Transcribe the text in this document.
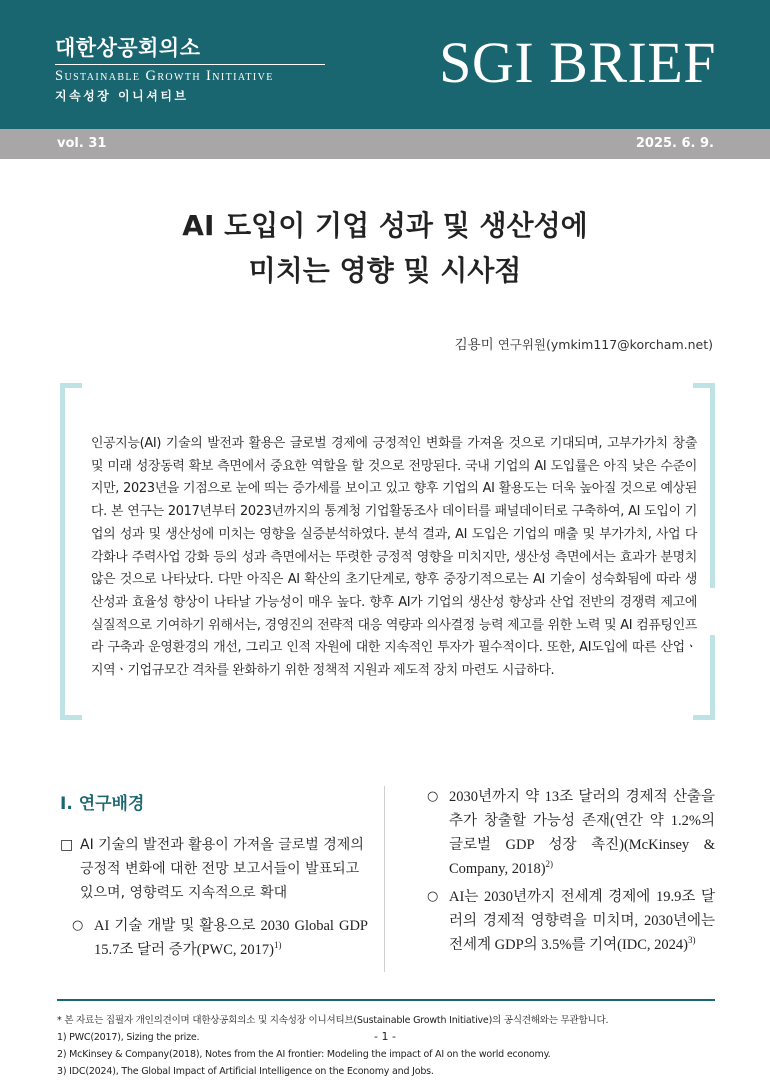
대한상공회의소
Sustainable Growth Initiative
지속성장 이니셔티브
SGI BRIEF
vol. 31	2025. 6. 9.
AI 도입이 기업 성과 및 생산성에
미치는 영향 및 시사점
김용미 연구위원(ymkim117@korcham.net)
인공지능(AI) 기술의 발전과 활용은 글로벌 경제에 긍정적인 변화를 가져올 것으로 기대되며, 고부가가치 창출 및 미래 성장동력 확보 측면에서 중요한 역할을 할 것으로 전망된다. 국내 기업의 AI 도입률은 아직 낮은 수준이지만, 2023년을 기점으로 눈에 띄는 증가세를 보이고 있고 향후 기업의 AI 활용도는 더욱 높아질 것으로 예상된다. 본 연구는 2017년부터 2023년까지의 통계청 기업활동조사 데이터를 패널데이터로 구축하여, AI 도입이 기업의 성과 및 생산성에 미치는 영향을 실증분석하였다. 분석 결과, AI 도입은 기업의 매출 및 부가가치, 사업 다각화나 주력사업 강화 등의 성과 측면에서는 뚜렷한 긍정적 영향을 미치지만, 생산성 측면에서는 효과가 분명치 않은 것으로 나타났다. 다만 아직은 AI 확산의 초기단계로, 향후 중장기적으로는 AI 기술이 성숙화됨에 따라 생산성과 효율성 향상이 나타날 가능성이 매우 높다. 향후 AI가 기업의 생산성 향상과 산업 전반의 경쟁력 제고에 실질적으로 기여하기 위해서는, 경영진의 전략적 대응 역량과 의사결정 능력 제고를 위한 노력 및 AI 컴퓨팅인프라 구축과 운영환경의 개선, 그리고 인적 자원에 대한 지속적인 투자가 필수적이다. 또한, AI도입에 따른 산업ㆍ지역ㆍ기업규모간 격차를 완화하기 위한 정책적 지원과 제도적 장치 마련도 시급하다.
Ⅰ. 연구배경
□ AI 기술의 발전과 활용이 가져올 글로벌 경제의 긍정적 변화에 대한 전망 보고서들이 발표되고 있으며, 영향력도 지속적으로 확대
○ AI 기술 개발 및 활용으로 2030 Global GDP 15.7조 달러 증가(PWC, 2017)$^{1)}$
○ 2030년까지 약 13조 달러의 경제적 산출을 추가 창출할 가능성 존재(연간 약 1.2%의 글로벌 GDP 성장 촉진)(McKinsey & Company, 2018)$^{2)}$
○ AI는 2030년까지 전세계 경제에 19.9조 달러의 경제적 영향력을 미치며, 2030년에는 전세계 GDP의 3.5%를 기여(IDC, 2024)$^{3)}$
* 본 자료는 집필자 개인의견이며 대한상공회의소 및 지속성장 이니셔티브(Sustainable Growth Initiative)의 공식견해와는 무관합니다.
- 1 -
1) PWC(2017), Sizing the prize.
2) McKinsey & Company(2018), Notes from the AI frontier: Modeling the impact of AI on the world economy.
3) IDC(2024), The Global Impact of Artificial Intelligence on the Economy and Jobs.
